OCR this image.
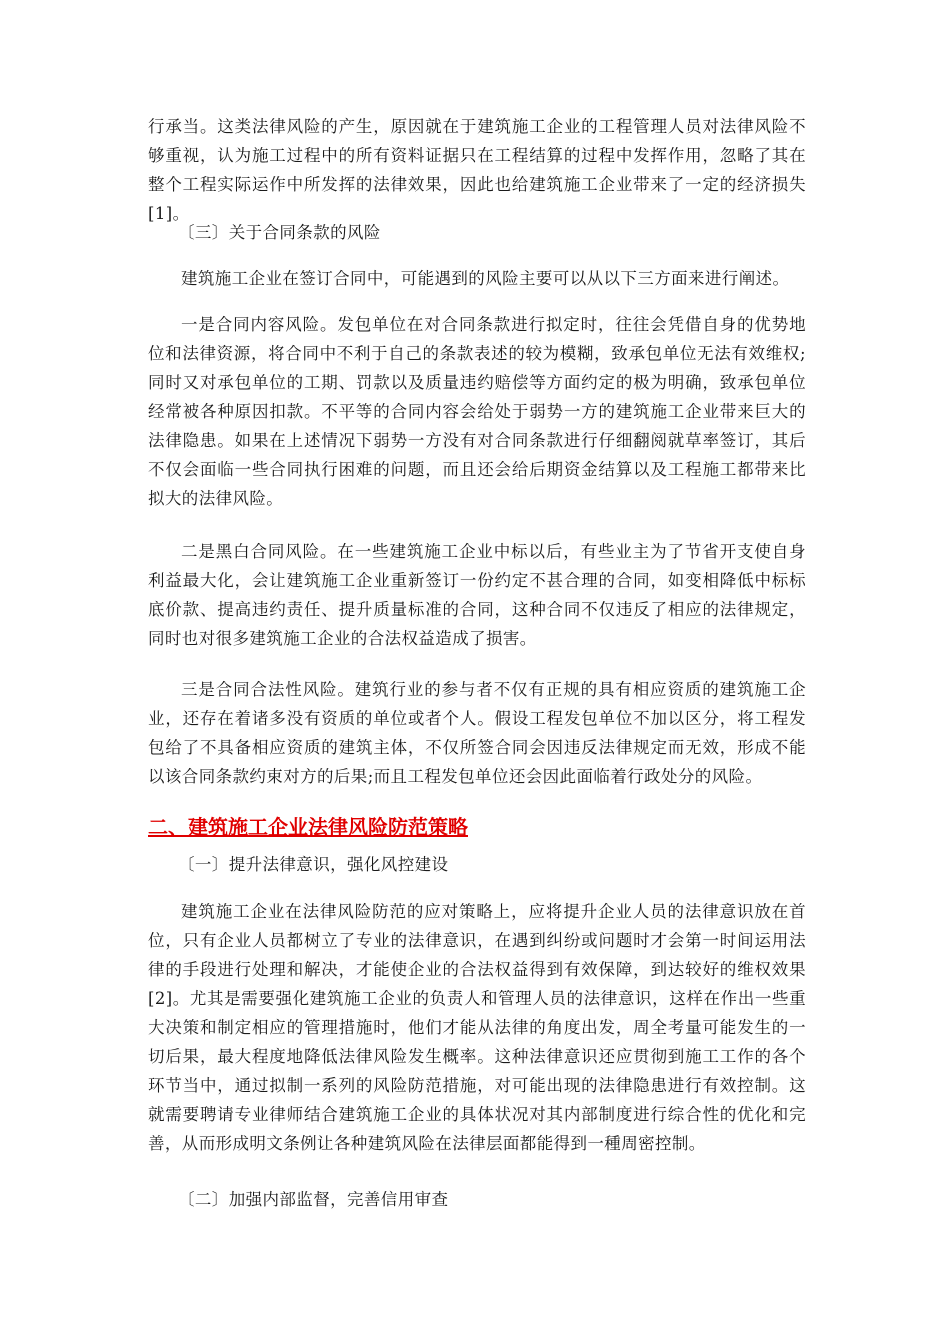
行承当。这类法律风险的产生，原因就在于建筑施工企业的工程管理人员对法律风险不够重视，认为施工过程中的所有资料证据只在工程结算的过程中发挥作用，忽略了其在整个工程实际运作中所发挥的法律效果，因此也给建筑施工企业带来了一定的经济损失[1]。

〔三〕关于合同条款的风险

建筑施工企业在签订合同中，可能遇到的风险主要可以从以下三方面来进行阐述。

一是合同内容风险。发包单位在对合同条款进行拟定时，往往会凭借自身的优势地位和法律资源，将合同中不利于自己的条款表述的较为模糊，致承包单位无法有效维权;同时又对承包单位的工期、罚款以及质量违约赔偿等方面约定的极为明确，致承包单位经常被各种原因扣款。不平等的合同内容会给处于弱势一方的建筑施工企业带来巨大的法律隐患。如果在上述情况下弱势一方没有对合同条款进行仔细翻阅就草率签订，其后不仅会面临一些合同执行困难的问题，而且还会给后期资金结算以及工程施工都带来比拟大的法律风险。

二是黑白合同风险。在一些建筑施工企业中标以后，有些业主为了节省开支使自身利益最大化，会让建筑施工企业重新签订一份约定不甚合理的合同，如变相降低中标标底价款、提高违约责任、提升质量标准的合同，这种合同不仅违反了相应的法律规定，同时也对很多建筑施工企业的合法权益造成了损害。

三是合同合法性风险。建筑行业的参与者不仅有正规的具有相应资质的建筑施工企业，还存在着诸多没有资质的单位或者个人。假设工程发包单位不加以区分，将工程发包给了不具备相应资质的建筑主体，不仅所签合同会因违反法律规定而无效，形成不能以该合同条款约束对方的后果;而且工程发包单位还会因此面临着行政处分的风险。

二、建筑施工企业法律风险防范策略

〔一〕提升法律意识，强化风控建设

建筑施工企业在法律风险防范的应对策略上，应将提升企业人员的法律意识放在首位，只有企业人员都树立了专业的法律意识，在遇到纠纷或问题时才会第一时间运用法律的手段进行处理和解决，才能使企业的合法权益得到有效保障，到达较好的维权效果[2]。尤其是需要强化建筑施工企业的负责人和管理人员的法律意识，这样在作出一些重大决策和制定相应的管理措施时，他们才能从法律的角度出发，周全考量可能发生的一切后果，最大程度地降低法律风险发生概率。这种法律意识还应贯彻到施工工作的各个环节当中，通过拟制一系列的风险防范措施，对可能出现的法律隐患进行有效控制。这就需要聘请专业律师结合建筑施工企业的具体状况对其内部制度进行综合性的优化和完善，从而形成明文条例让各种建筑风险在法律层面都能得到一種周密控制。

〔二〕加强内部监督，完善信用审查
